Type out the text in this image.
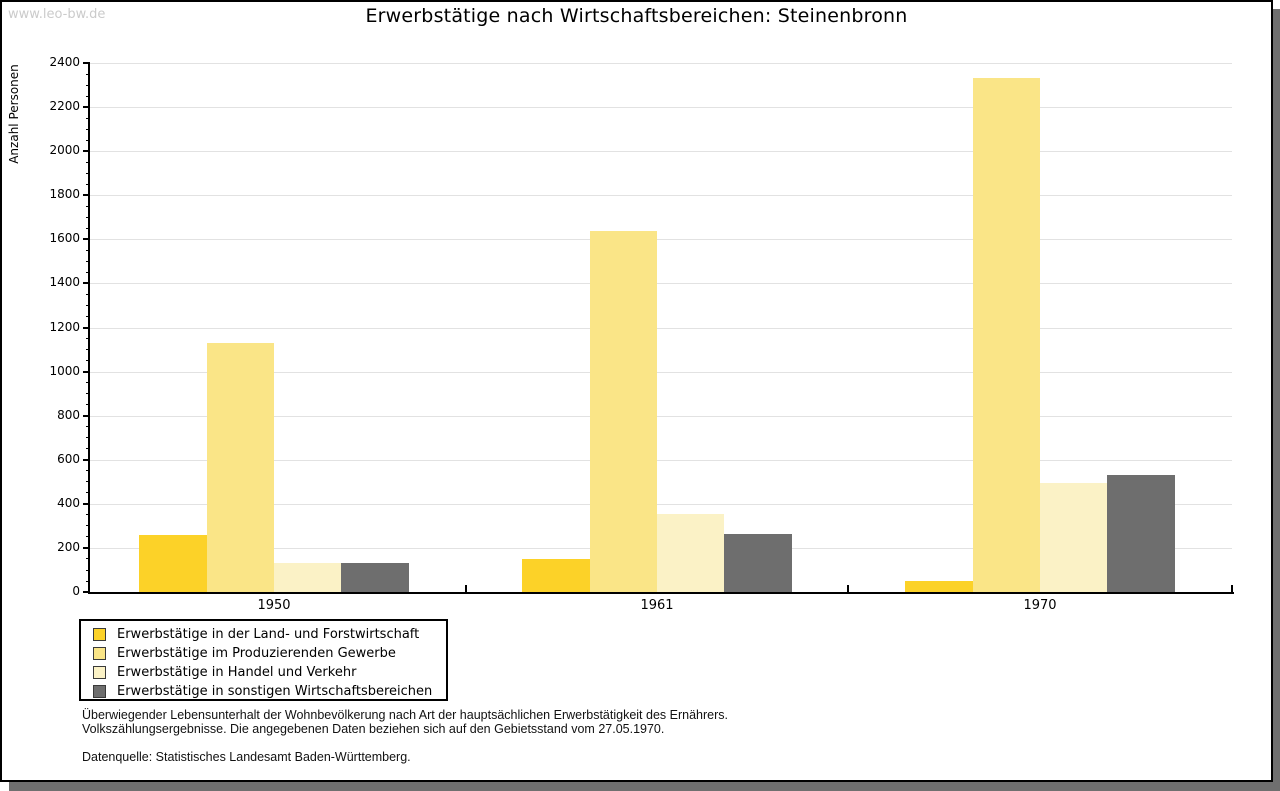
www.leo-bw.de	Erwerbstätige nach Wirtschaftsbereichen: Steinenbronn
Anzahl Personen
0
200
400
600
800
1000
1200
1400
1600
1800
2000
2200
2400
1950	1961	1970
Erwerbstätige in der Land- und Forstwirtschaft
Erwerbstätige im Produzierenden Gewerbe
Erwerbstätige in Handel und Verkehr
Erwerbstätige in sonstigen Wirtschaftsbereichen
Überwiegender Lebensunterhalt der Wohnbevölkerung nach Art der hauptsächlichen Erwerbstätigkeit des Ernährers.
Volkszählungsergebnisse. Die angegebenen Daten beziehen sich auf den Gebietsstand vom 27.05.1970.
Datenquelle: Statistisches Landesamt Baden-Württemberg.
